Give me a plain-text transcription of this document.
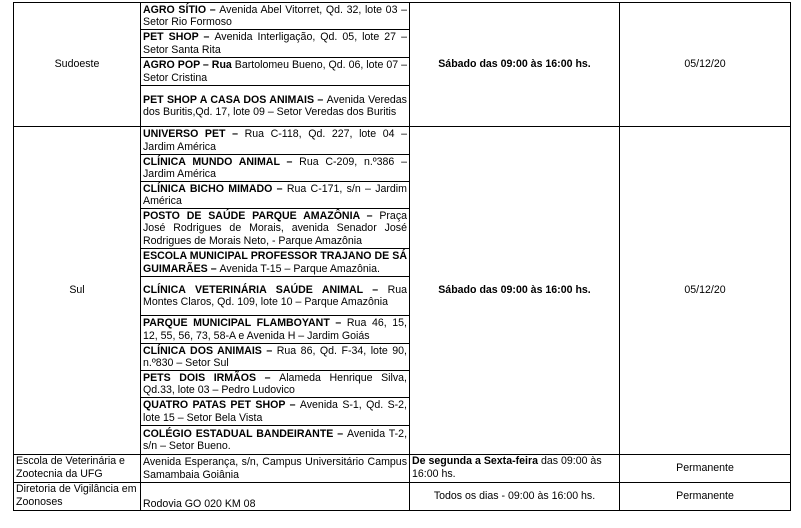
Sudoeste	AGRO SÍTIO – Avenida Abel Vitorret, Qd. 32, lote 03 – Setor Rio Formoso	Sábado das 09:00 às 16:00 hs.	05/12/20
	PET SHOP – Avenida Interligação, Qd. 05, lote 27 – Setor Santa Rita		
	AGRO POP – Rua Bartolomeu Bueno, Qd. 06, lote 07 – Setor Cristina		
	PET SHOP A CASA DOS ANIMAIS – Avenida Veredas dos Buritis,Qd. 17, lote 09 – Setor Veredas dos Buritis		
Sul	UNIVERSO PET – Rua C-118, Qd. 227, lote 04 – Jardim América	Sábado das 09:00 às 16:00 hs.	05/12/20
	CLÍNICA MUNDO ANIMAL – Rua C-209, n.º386 – Jardim América		
	CLÍNICA BICHO MIMADO – Rua C-171, s/n – Jardim América		
	POSTO DE SAÚDE PARQUE AMAZÔNIA – Praça José Rodrigues de Morais, avenida Senador José Rodrigues de Morais Neto, - Parque Amazônia		
	ESCOLA MUNICIPAL PROFESSOR TRAJANO DE SÁ GUIMARÃES – Avenida T-15 – Parque Amazônia.		
	CLÍNICA VETERINÁRIA SAÚDE ANIMAL – Rua Montes Claros, Qd. 109, lote 10 – Parque Amazônia		
	PARQUE MUNICIPAL FLAMBOYANT – Rua 46, 15, 12, 55, 56, 73, 58-A e Avenida H – Jardim Goiás		
	CLÍNICA DOS ANIMAIS – Rua 86, Qd. F-34, lote 90, n.º830 – Setor Sul		
	PETS DOIS IRMÃOS – Alameda Henrique Silva, Qd.33, lote 03 – Pedro Ludovico		
	QUATRO PATAS PET SHOP – Avenida S-1, Qd. S-2, lote 15 – Setor Bela Vista		
	COLÉGIO ESTADUAL BANDEIRANTE – Avenida T-2, s/n – Setor Bueno.		
Escola de Veterinária e Zootecnia da UFG	Avenida Esperança, s/n, Campus Universitário Campus Samambaia Goiânia	De segunda a Sexta-feira das 09:00 às 16:00 hs.	Permanente
Diretoria de Vigilância em Zoonoses	Rodovia GO 020 KM 08	Todos os dias - 09:00 às 16:00 hs.	Permanente
